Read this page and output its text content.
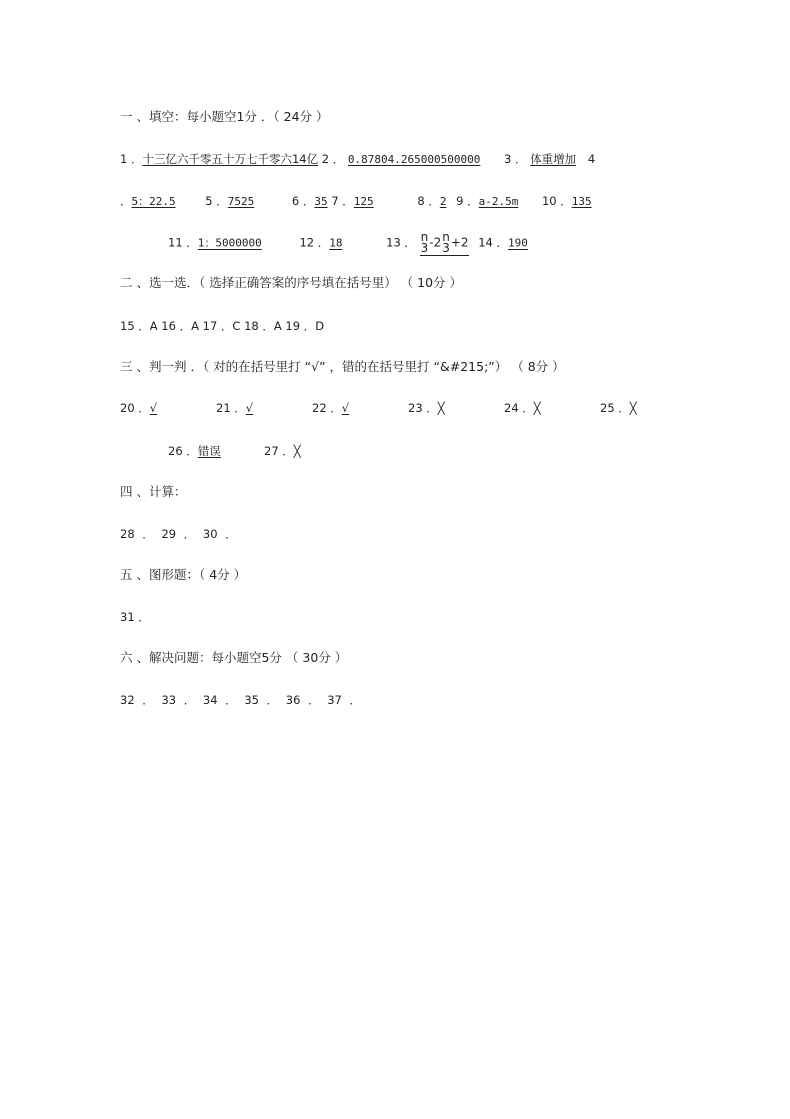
一 、填空：每小题空1分 ．（ 24分 ）
1 ．十三亿六千零五十万七千零六14亿 2 ． 0.87804.265000500000 3 ． 体重增加 4
．5：22.5	5 ．7525	6 ．35 7 ．125	8 ．2 9 ．a-2.5m 10 ．135
11 ．1：5000000	12 ．18	13 ． n
3 -2 n
3 +2 14 ．190
二 、选一选．（ 选择正确答案的序号填在括号里） （ 10分 ）
15 ．A 16 ．A 17 ．C 18 ．A 19 ．D
三 、判一判 ．（ 对的在括号里打 “√” ，错的在括号里打 “&#215;”） （ 8分 ）
20 ．√	21 ．√	22 ．√	23 ．╳	24 ．╳	25 ．╳
26 ．错误	27 ．╳
四 、计算：
28 ． 29 ． 30 ．
五 、图形题：（ 4分 ）
31 ．
六 、解决问题：每小题空5分 （ 30分 ）
32 ． 33 ． 34 ． 35 ． 36 ． 37 ．
